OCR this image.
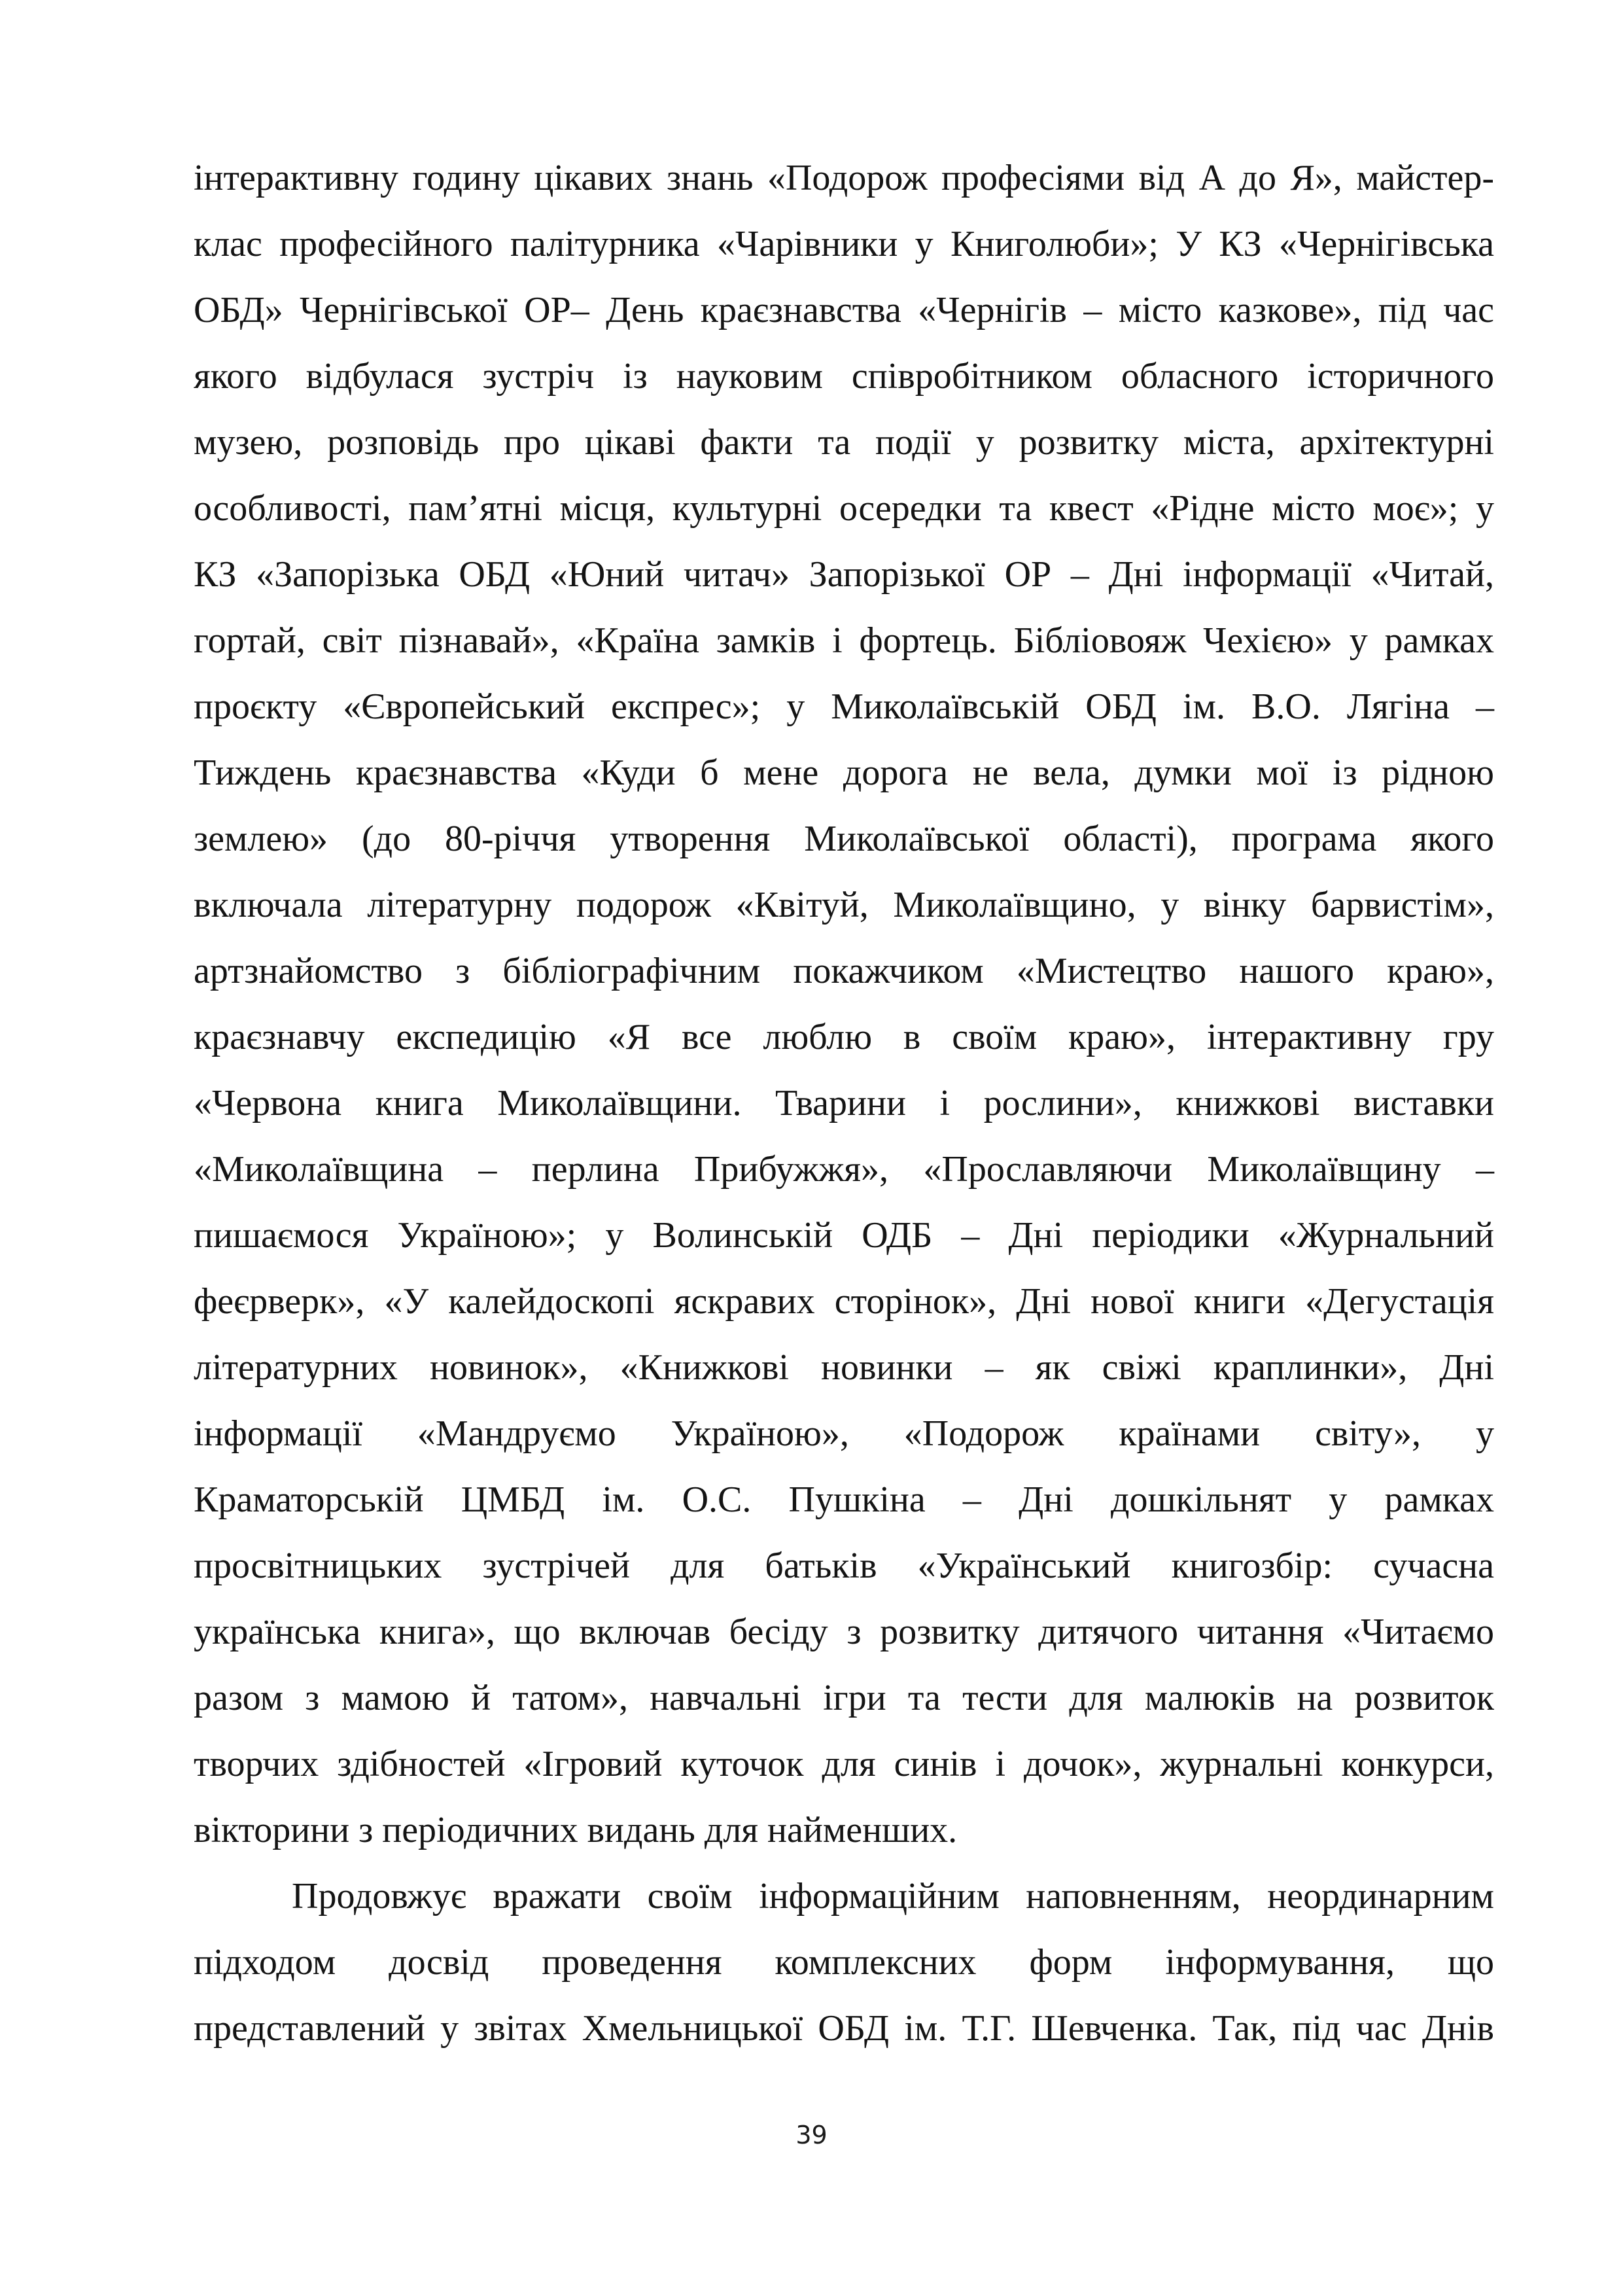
інтерактивну годину цікавих знань «Подорож професіями від А до Я», майстер-
клас професійного палітурника «Чарівники у Книголюби»; У КЗ «Чернігівська
ОБД» Чернігівської ОР– День краєзнавства «Чернігів – місто казкове», під час
якого відбулася зустріч із науковим співробітником обласного історичного
музею, розповідь про цікаві факти та події у розвитку міста, архітектурні
особливості, пам’ятні місця, культурні осередки та квест «Рідне місто моє»; у
КЗ «Запорізька ОБД «Юний читач» Запорізької ОР – Дні інформації «Читай,
гортай, світ пізнавай», «Країна замків і фортець. Бібліовояж Чехією» у рамках
проєкту «Європейський експрес»; у Миколаївській ОБД ім. В.О. Лягіна –
Тиждень краєзнавства «Куди б мене дорога не вела, думки мої із рідною
землею» (до 80-річчя утворення Миколаївської області), програма якого
включала літературну подорож «Квітуй, Миколаївщино, у вінку барвистім»,
артзнайомство з бібліографічним покажчиком «Мистецтво нашого краю»,
краєзнавчу експедицію «Я все люблю в своїм краю», інтерактивну гру
«Червона книга Миколаївщини. Тварини і рослини», книжкові виставки
«Миколаївщина – перлина Прибужжя», «Прославляючи Миколаївщину –
пишаємося Україною»; у Волинській ОДБ – Дні періодики «Журнальний
феєрверк», «У калейдоскопі яскравих сторінок», Дні нової книги «Дегустація
літературних новинок», «Книжкові новинки – як свіжі краплинки», Дні
інформації «Мандруємо Україною», «Подорож країнами світу», у
Краматорській ЦМБД ім. О.С. Пушкіна – Дні дошкільнят у рамках
просвітницьких зустрічей для батьків «Український книгозбір: сучасна
українська книга», що включав бесіду з розвитку дитячого читання «Читаємо
разом з мамою й татом», навчальні ігри та тести для малюків на розвиток
творчих здібностей «Ігровий куточок для синів і дочок», журнальні конкурси,
вікторини з періодичних видань для найменших.
Продовжує вражати своїм інформаційним наповненням, неординарним
підходом досвід проведення комплексних форм інформування, що
представлений у звітах Хмельницької ОБД ім. Т.Г. Шевченка. Так, під час Днів
39
